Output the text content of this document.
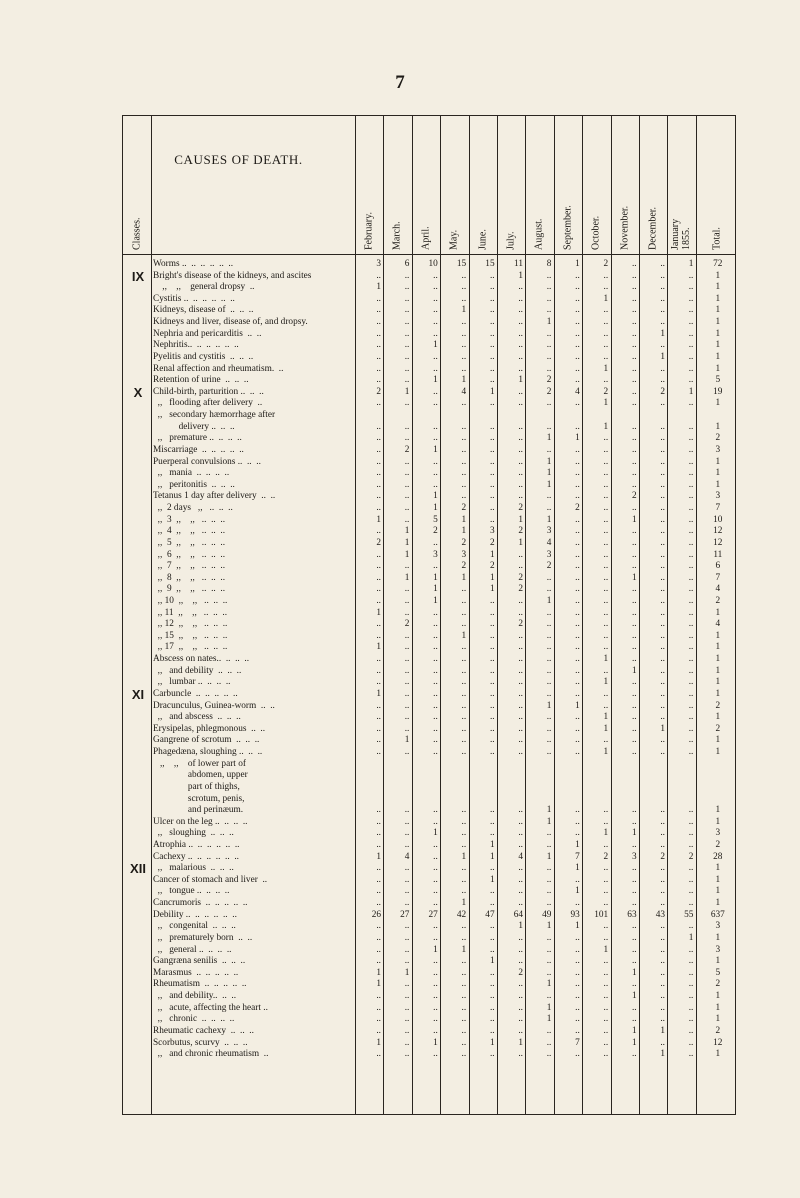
7
Classes.
CAUSES OF DEATH.
Total.
February.	March.	April.	May.	June.	July.	August.	September.	October.	November.	December.	January
1855.
IX
X
XI
XII
Worms ..  ..  ..  ..  ..  ..	3	6	10	15	15	11	8	1	2	..	..	1	72
Bright's disease of the kidneys, and ascites	..	..	..	..	..	1	..	..	..	..	..	..	1
,,    ,,    general dropsy  ..	1	..	..	..	..	..	..	..	..	..	..	..	1
Cystitis ..  ..  ..  ..  ..  ..	..	..	..	..	..	..	..	..	1	..	..	..	1
Kidneys, disease of  ..  ..  ..	..	..	..	1	..	..	..	..	..	..	..	..	1
Kidneys and liver, disease of, and dropsy.	..	..	..	..	..	..	1	..	..	..	..	..	1
Nephria and pericarditis  ..  ..	..	..	..	..	..	..	..	..	..	..	1	..	1
Nephritis..  ..  ..  ..  ..  ..	..	..	1	..	..	..	..	..	..	..	..	..	1
Pyelitis and cystitis  ..  ..  ..	..	..	..	..	..	..	..	..	..	..	1	..	1
Renal affection and rheumatism.  ..	..	..	..	..	..	..	..	..	1	..	..	..	1
Retention of urine  ..  ..  ..	..	..	1	1	..	1	2	..	..	..	..	..	5
Child-birth, parturition ..  ..  ..	2	1	..	4	1	..	2	4	2	..	2	1	19
,,   flooding after delivery  ..	..	..	..	..	..	..	..	..	1	..	..	..	1
,,   secondary hæmorrhage after
delivery ..  ..  ..	..	..	..	..	..	..	..	..	1	..	..	..	1
,,   premature ..  ..  ..  ..	..	..	..	..	..	..	1	1	..	..	..	..	2
Miscarriage  ..  ..  ..  ..  ..	..	2	1	..	..	..	..	..	..	..	..	..	3
Puerperal convulsions ..  ..  ..	..	..	..	..	..	..	1	..	..	..	..	..	1
,,   mania  ..  ..  ..  ..	..	..	..	..	..	..	1	..	..	..	..	..	1
,,   peritonitis  ..  ..  ..	..	..	..	..	..	..	1	..	..	..	..	..	1
Tetanus 1 day after delivery  ..  ..	..	..	1	..	..	..	..	..	..	2	..	..	3
,,  2 days   ,,   ..  ..  ..	..	..	1	2	..	2	..	2	..	..	..	..	7
,,  3  ,,    ,,   ..  ..  ..	1	..	5	1	..	1	1	..	..	1	..	..	10
,,  4  ,,    ,,   ..  ..  ..	..	1	2	1	3	2	3	..	..	..	..	..	12
,,  5  ,,    ,,   ..  ..  ..	2	1	..	2	2	1	4	..	..	..	..	..	12
,,  6  ,,    ,,   ..  ..  ..	..	1	3	3	1	..	3	..	..	..	..	..	11
,,  7  ,,    ,,   ..  ..  ..	..	..	..	2	2	..	2	..	..	..	..	..	6
,,  8  ,,    ,,   ..  ..  ..	..	1	1	1	1	2	..	..	..	1	..	..	7
,,  9  ,,    ,,   ..  ..  ..	..	..	1	..	1	2	..	..	..	..	..	..	4
,, 10  ,,    ,,   ..  ..  ..	..	..	1	..	..	..	1	..	..	..	..	..	2
,, 11  ,,    ,,   ..  ..  ..	1	..	..	..	..	..	..	..	..	..	..	..	1
,, 12  ,,    ,,   ..  ..  ..	..	2	..	..	..	2	..	..	..	..	..	..	4
,, 15  ,,    ,,   ..  ..  ..	..	..	..	1	..	..	..	..	..	..	..	..	1
,, 17  ,,    ,,   ..  ..  ..	1	..	..	..	..	..	..	..	..	..	..	..	1
Abscess on nates..  ..  ..  ..	..	..	..	..	..	..	..	..	1	..	..	..	1
,,   and debility  ..  ..  ..	..	..	..	..	..	..	..	..	..	1	..	..	1
,,   lumbar ..  ..  ..  ..	..	..	..	..	..	..	..	..	1	..	..	..	1
Carbuncle  ..  ..  ..  ..  ..	1	..	..	..	..	..	..	..	..	..	..	..	1
Dracunculus, Guinea-worm  ..  ..	..	..	..	..	..	..	1	1	..	..	..	..	2
,,   and abscess  ..  ..  ..	..	..	..	..	..	..	..	..	1	..	..	..	1
Erysipelas, phlegmonous  ..  ..	..	..	..	..	..	..	..	..	1	..	1	..	2
Gangrene of scrotum  ..  ..  ..	..	1	..	..	..	..	..	..	..	..	..	..	1
Phagedæna, sloughing ..  ..  ..	..	..	..	..	..	..	..	..	1	..	..	..	1
,,    ,,    of lower part of
abdomen, upper
part of thighs,
scrotum, penis,
and perinæum.	..	..	..	..	..	..	1	..	..	..	..	..	1
Ulcer on the leg ..  ..  ..  ..	..	..	..	..	..	..	1	..	..	..	..	..	1
,,   sloughing  ..  ..  ..	..	..	1	..	..	..	..	..	1	1	..	..	3
Atrophia ..  ..  ..  ..  ..  ..	..	..	..	..	1	..	..	1	..	..	..	..	2
Cachexy ..  ..  ..  ..  ..  ..	1	4	..	1	1	4	1	7	2	3	2	2	28
,,   malarious  ..  ..  ..	..	..	..	..	..	..	..	1	..	..	..	..	1
Cancer of stomach and liver  ..	..	..	..	..	1	..	..	..	..	..	..	..	1
,,   tongue ..  ..  ..  ..	..	..	..	..	..	..	..	1	..	..	..	..	1
Cancrumoris  ..  ..  ..  ..  ..	..	..	..	1	..	..	..	..	..	..	..	..	1
Debility ..  ..  ..  ..  ..  ..	26	27	27	42	47	64	49	93	101	63	43	55	637
,,   congenital  ..  ..  ..	..	..	..	..	..	1	1	1	..	..	..	..	3
,,   prematurely born  ..  ..	..	..	..	..	..	..	..	..	..	..	..	1	1
,,   general ..  ..  ..  ..	..	..	1	1	..	..	..	..	1	..	..	..	3
Gangræna senilis  ..  ..  ..	..	..	..	..	1	..	..	..	..	..	..	..	1
Marasmus  ..  ..  ..  ..  ..	1	1	..	..	..	2	..	..	..	1	..	..	5
Rheumatism  ..  ..  ..  ..  ..	1	..	..	..	..	..	1	..	..	..	..	..	2
,,   and debility..  ..  ..	..	..	..	..	..	..	..	..	..	1	..	..	1
,,   acute, affecting the heart ..	..	..	..	..	..	..	1	..	..	..	..	..	1
,,   chronic  ..  ..  ..  ..	..	..	..	..	..	..	1	..	..	..	..	..	1
Rheumatic cachexy  ..  ..  ..	..	..	..	..	..	..	..	..	..	1	1	..	2
Scorbutus, scurvy  ..  ..  ..	1	..	1	..	1	1	..	7	..	1	..	..	12
,,   and chronic rheumatism  ..	..	..	..	..	..	..	..	..	..	..	1	..	1
